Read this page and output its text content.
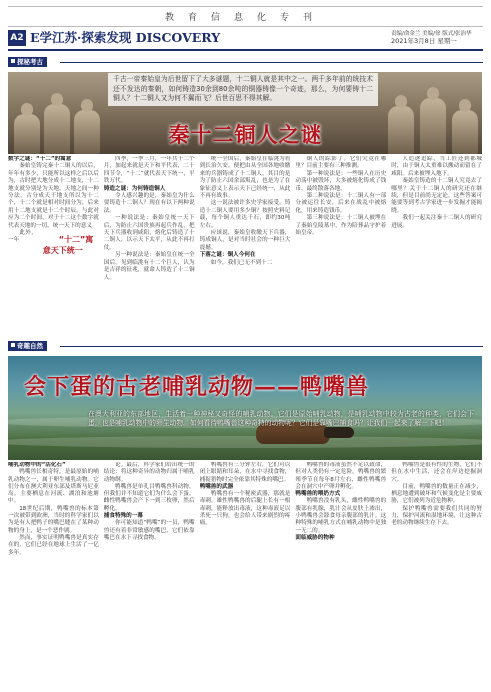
教育信息化专刊
A2 E学江苏·探索发现 DISCOVERY	责编/俞金兰 美编/徐 版式/张治华
2021年3月8日 星期一
探秘考古
千古一帝秦始皇为后世留下了大多谜题，十二铜人就是其中之一。两千多年前的统技术还不发达的秦朝，如何铸造30余到80余吨的铜器铸像一个奇迹，那么，为何要铸十二铜人？十二铜人又为何不翼而飞？后世百思不得其解。
秦十二铜人之谜

数字之谜：“十二”的寓意

秦始皇铸完秦十二铜人的以后，年年有多少，只能所以这样之后以后为，古时把大地分成十二地支，十二地支就分别是为天地，天地之间一种分法，古分成天干地支所以为十二个，十二个就是相对时间分为，后来用十二地支就是十二个时辰，与此对应为二个时间，对于十二这个数字就代表天地的一切，统一天下的意义

“十二”寓意天下统一

此外，一年

四季，一季三月，一年共十二个月，加起来就是天下和平代表，二十四节令，“十二”就代表天下统一，平铁万代。

铸造之谜：为何铸造铜人

令人感兴趣的是，秦始皇为什么要铸造十二铜人？现在有以下两种说法。

一种说法是：秦始皇统一天下后，为防止六国贵族再起兵作乱，把天下兵器收到咸阳，熔化后铸造了十二铜人，以示天下太平，从此不再打仗。

另一种说法是：秦始皇在统一全国后，见到临洮有十二个巨人，认为是吉祥的征兆，就命人铸造了十二铜人。

统一全国后，秦始皇在临洮为看到长治久安，便把由从全国各地收缴来的兵器铸成了十二铜人，其目的是为了防止六国余部叛乱，也是为了在象征意义上表示天下已经统一，从此不再有战事。

这一说法被许多史学家接受。铸造十二铜人要用多少铜？按照史料记载，每个铜人重达千石，即约30吨左右。

应该说，秦始皇收缴天下兵器，铸成铜人，是对当时社会的一种巨大震撼。

下落之谜：铜人今何在

如今，我们已无不到十二

铜人的踪影了。它们究竟在哪里？目前主要有三种推测。

第一种说法是：一些铜人在历史动荡中被毁坏，大多被熔化铸成了钱币，最终散落各地。

第二种说法是：十二铜人有一部分被运往长安，后来在战乱中被熔化，用来铸造钱币。

第三种说法是：十二铜人被埋在了秦始皇陵墓中，作为陪葬品守护着始皇帝。

人追逐追踪，当工匠还到都城时，由于铜人太重难以搬动而留在了咸阳。后来被埋入地下。

秦始皇铸造的十二铜人究竟去了哪里？关于十二铜人的研究还在继续，但是目前尚无定论，这些答案可能要等到考古学家进一步发掘才能揭晓。

我们一起关注秦十二铜人的研究进展。

奇趣自然
会下蛋的古老哺乳动物——鸭嘴兽
在澳大利亚的东部地区，生活着一种神秘又奇怪的哺乳动物。它们是原始哺乳动物，是哺乳动物中较为古老的种类，它们会下蛋，也是哺乳动物中的卵生动物。如何看待鸭嘴兽这种奇特的动物呢？它们是靠嘴巴捕食吗？让我们一起来了解一下吧！

哺乳动物中的“活化石”

鸭嘴兽长相奇特，是最原始的哺乳动物之一，属于卵生哺乳动物。它们分布在澳大利亚东部及塔斯马尼亚岛，主要栖息在河流、湖泊和池塘中。

18世纪后期，鸭嘴兽的标本第一次被带到欧洲，当时的科学家们以为是有人把鸭子的嘴巴缝在了某种动物的身上，是一个恶作剧。

然而，事实证明鸭嘴兽是真实存在的，它们已经在地球上生活了一亿多年。

论。最后，科学家们给出统一的结论：将这种奇异的动物归属于哺乳动物纲。

鸭嘴兽是单孔目鸭嘴兽科动物，但我们并不知道它们为什么会下蛋。雌性鸭嘴兽会产下一到三枚卵，然后孵化。

捕食特殊的一幕

你可能知道“鸭嘴”的一员，鸭嘴兽还有着非常敏感的嘴巴，它们依靠嘴巴在水下寻找食物。

鸭嘴兽有三分钟左右，它们可以闭上眼睛和耳朵，在水中寻找食物，捕捉猎物时完全依靠其特殊的嘴巴。

鸭嘴兽的武器

鸭嘴兽有一个秘密武器，那就是毒刺。雄性鸭嘴兽的后腿上长有一根毒刺，能释放出毒液，这种毒液足以杀死一只狗，也会给人带来剧烈的疼痛。

鸭嘴兽的毒液虽然不足以致命，但对人类仍有一定危险。鸭嘴兽的繁殖季节在每年8月左右，雌性鸭嘴兽会在洞穴中产卵并孵化。

鸭嘴兽的喂奶方式

鸭嘴兽没有乳头，雌性鸭嘴兽的腹部有乳腺，乳汁会从皮肤上渗出，小鸭嘴兽会舔食母亲腹部的乳汁。这种特殊的哺乳方式在哺乳动物中是独一无二的。

面临威胁的物种

鸭嘴兽是很有性的生物，它们不但在水中生活，还会在岸边挖掘洞穴。

目前，鸭嘴兽的数量正在减少，栖息地遭到破坏和气候变化是主要威胁，它们被列为近危物种。

保护鸭嘴兽需要我们共同的努力，保护河流和湿地环境，让这种古老的动物继续生存下去。
